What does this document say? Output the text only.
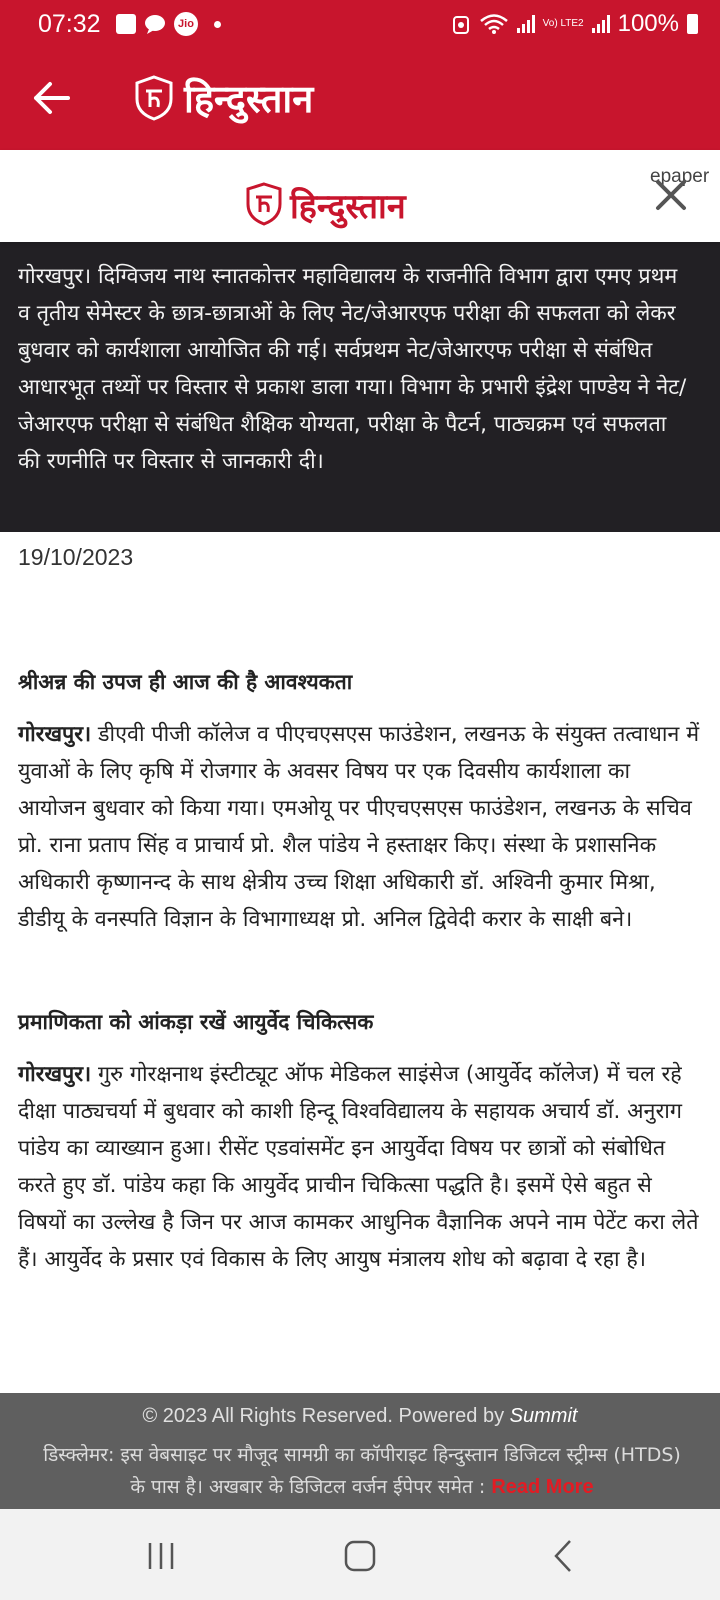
07:32	Jio	Vo) LTE2 100%
हिन्दुस्तान
epaper
हिन्दुस्तान
गोरखपुर। दिग्विजय नाथ स्नातकोत्तर महाविद्यालय के राजनीति विभाग द्वारा एमए प्रथम व तृतीय सेमेस्टर के छात्र-छात्राओं के लिए नेट/जेआरएफ परीक्षा की सफलता को लेकर बुधवार को कार्यशाला आयोजित की गई। सर्वप्रथम नेट/जेआरएफ परीक्षा से संबंधित आधारभूत तथ्यों पर विस्तार से प्रकाश डाला गया। विभाग के प्रभारी इंद्रेश पाण्डेय ने नेट/जेआरएफ परीक्षा से संबंधित शैक्षिक योग्यता, परीक्षा के पैटर्न, पाठ्यक्रम एवं सफलता की रणनीति पर विस्तार से जानकारी दी।
19/10/2023
श्रीअन्न की उपज ही आज की है आवश्यकता
गोरखपुर। डीएवी पीजी कॉलेज व पीएचएसएस फाउंडेशन, लखनऊ के संयुक्त तत्वाधान में युवाओं के लिए कृषि में रोजगार के अवसर विषय पर एक दिवसीय कार्यशाला का आयोजन बुधवार को किया गया। एमओयू पर पीएचएसएस फाउंडेशन, लखनऊ के सचिव प्रो. राना प्रताप सिंह व प्राचार्य प्रो. शैल पांडेय ने हस्ताक्षर किए। संस्था के प्रशासनिक अधिकारी कृष्णानन्द के साथ क्षेत्रीय उच्च शिक्षा अधिकारी डॉ. अश्विनी कुमार मिश्रा, डीडीयू के वनस्पति विज्ञान के विभागाध्यक्ष प्रो. अनिल द्विवेदी करार के साक्षी बने।
प्रमाणिकता को आंकड़ा रखें आयुर्वेद चिकित्सक
गोरखपुर। गुरु गोरक्षनाथ इंस्टीट्यूट ऑफ मेडिकल साइंसेज (आयुर्वेद कॉलेज) में चल रहे दीक्षा पाठ्यचर्या में बुधवार को काशी हिन्दू विश्वविद्यालय के सहायक अचार्य डॉ. अनुराग पांडेय का व्याख्यान हुआ। रीसेंट एडवांसमेंट इन आयुर्वेदा विषय पर छात्रों को संबोधित करते हुए डॉ. पांडेय कहा कि आयुर्वेद प्राचीन चिकित्सा पद्धति है। इसमें ऐसे बहुत से विषयों का उल्लेख है जिन पर आज कामकर आधुनिक वैज्ञानिक अपने नाम पेटेंट करा लेते हैं। आयुर्वेद के प्रसार एवं विकास के लिए आयुष मंत्रालय शोध को बढ़ावा दे रहा है।
© 2023 All Rights Reserved. Powered by Summit
डिस्क्लेमर: इस वेबसाइट पर मौजूद सामग्री का कॉपीराइट हिन्दुस्तान डिजिटल स्ट्रीम्स (HTDS) के पास है। अखबार के डिजिटल वर्जन ईपेपर समेत : Read More
